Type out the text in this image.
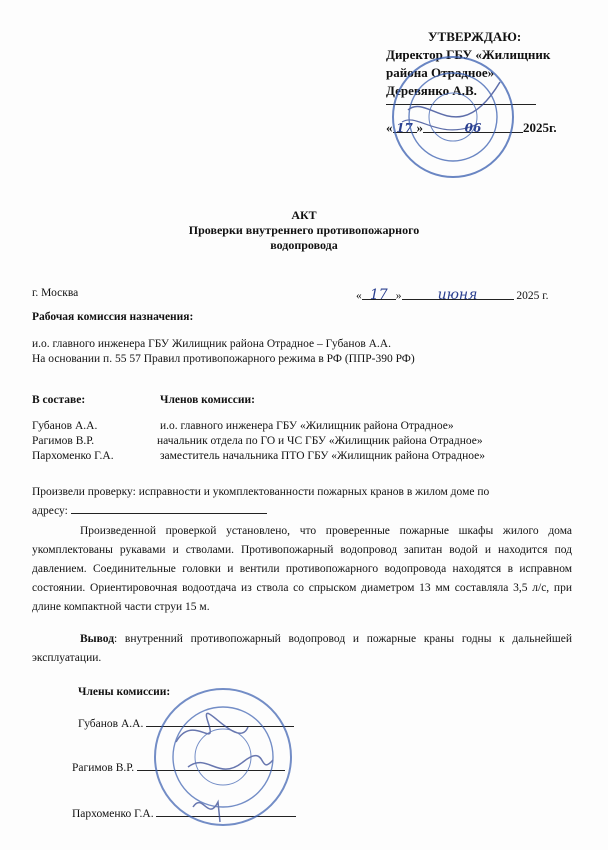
УТВЕРЖДАЮ:
Директор ГБУ «Жилищник
района Отрадное»
Деревянко А.В.
« 17 »	06	2025г.
АКТ
Проверки внутреннего противопожарного
водопровода
г. Москва	« 17 »	июня	2025 г.
Рабочая комиссия назначения:
и.о. главного инженера ГБУ Жилищник района Отрадное – Губанов А.А.
На основании п. 55 57 Правил противопожарного режима в РФ (ППР-390 РФ)
В составе:	Членов комиссии:
Губанов А.А.	и.о. главного инженера ГБУ «Жилищник района Отрадное»
Рагимов В.Р.	начальник отдела по ГО и ЧС ГБУ «Жилищник района Отрадное»
Пархоменко Г.А.	заместитель начальника ПТО ГБУ «Жилищник района Отрадное»
Произвели проверку: исправности и укомплектованности пожарных кранов в жилом доме по
адресу:
Произведенной проверкой установлено, что проверенные пожарные шкафы жилого дома укомплектованы рукавами и стволами. Противопожарный водопровод запитан водой и находится под давлением. Соединительные головки и вентили противопожарного водопровода находятся в исправном состоянии. Ориентировочная водоотдача из ствола со спрыском диаметром 13 мм составляла 3,5 л/с, при длине компактной части струи 15 м.
Вывод: внутренний противопожарный водопровод и пожарные краны годны к дальнейшей эксплуатации.
Члены комиссии:
Губанов А.А.
Рагимов В.Р.
Пархоменко Г.А.
